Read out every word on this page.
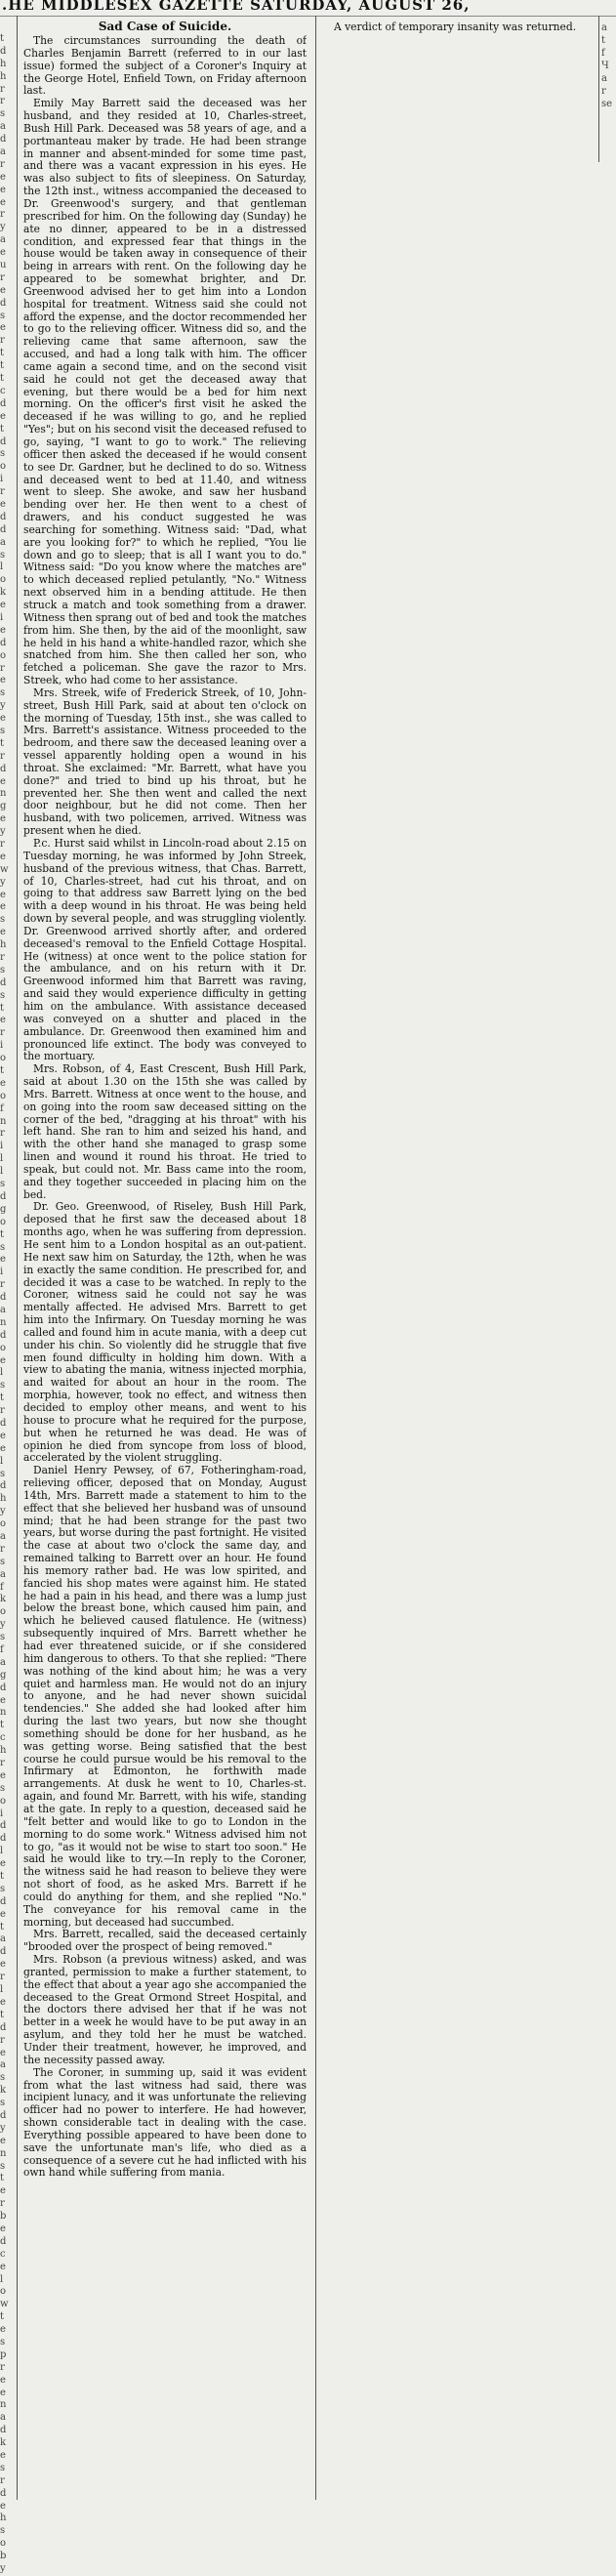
.HE MIDDLESEX GAZETTE SATURDAY, AUGUST 26,
t
d
h
h
r
r
s
a
d
a
r
e
e
e
r
y
a
e
u
r
e
d
s
e
r
t
t
t
c
d
e
t
d
s
o
i
r
e
d
d
a
s
l
o
k
e
i
e
d
o
r
e
s
y
e
s
t
r
d
e
n
g
e
y
r
e
w
y
e
e
s
e
h
r
s
d
s
t
e
r
i
o
t
e
o
f
n
r
i
l
l
s
d
g
o
t
s
e
i
r
d
a
n
d
o
e
l
s
t
r
d
e
e
l
s
d
h
y
o
a
r
s
a
f
k
o
y
s
f
a
g
d
e
n
t
c
h
r
e
s
o
i
d
d
l
e
t
s
d
e
t
a
d
e
r
l
e
t
d
r
e
a
s
k
s
d
y
e
n
s
t
e
r
b
e
d
c
e
l
o
w
t
e
s
p
r
e
e
n
a
d
k
e
s
r
d
e
h
s
o
b
y
a
t
f
Ч
a
r
se
Sad Case of Suicide.

The circumstances surrounding the death of Charles Benjamin Barrett (referred to in our last issue) formed the subject of a Coroner's Inquiry at the George Hotel, Enfield Town, on Friday afternoon last.

Emily May Barrett said the deceased was her husband, and they resided at 10, Charles-street, Bush Hill Park. Deceased was 58 years of age, and a portmanteau maker by trade. He had been strange in manner and absent-minded for some time past, and there was a vacant expression in his eyes. He was also subject to fits of sleepiness. On Saturday, the 12th inst., witness accompanied the deceased to Dr. Greenwood's surgery, and that gentleman prescribed for him. On the following day (Sunday) he ate no dinner, appeared to be in a distressed condition, and expressed fear that things in the house would be taken away in consequence of their being in arrears with rent. On the following day he appeared to be somewhat brighter, and Dr. Greenwood advised her to get him into a London hospital for treatment. Witness said she could not afford the expense, and the doctor recommended her to go to the relieving officer. Witness did so, and the relieving came that same afternoon, saw the accused, and had a long talk with him. The officer came again a second time, and on the second visit said he could not get the deceased away that evening, but there would be a bed for him next morning. On the officer's first visit he asked the deceased if he was willing to go, and he replied "Yes"; but on his second visit the deceased refused to go, saying, "I want to go to work." The relieving officer then asked the deceased if he would consent to see Dr. Gardner, but he declined to do so. Witness and deceased went to bed at 11.40, and witness went to sleep. She awoke, and saw her husband bending over her. He then went to a chest of drawers, and his conduct suggested he was searching for something. Witness said: "Dad, what are you looking for?" to which he replied, "You lie down and go to sleep; that is all I want you to do." Witness said: "Do you know where the matches are" to which deceased replied petulantly, "No." Witness next observed him in a bending attitude. He then struck a match and took something from a drawer. Witness then sprang out of bed and took the matches from him. She then, by the aid of the moonlight, saw he held in his hand a white-handled razor, which she snatched from him. She then called her son, who fetched a policeman. She gave the razor to Mrs. Streek, who had come to her assistance.

Mrs. Streek, wife of Frederick Streek, of 10, John-street, Bush Hill Park, said at about ten o'clock on the morning of Tuesday, 15th inst., she was called to Mrs. Barrett's assistance. Witness proceeded to the bedroom, and there saw the deceased leaning over a vessel apparently holding open a wound in his throat. She exclaimed: "Mr. Barrett, what have you done?" and tried to bind up his throat, but he prevented her. She then went and called the next door neighbour, but he did not come. Then her husband, with two policemen, arrived. Witness was present when he died.

P.c. Hurst said whilst in Lincoln-road about 2.15 on Tuesday morning, he was informed by John Streek, husband of the previous witness, that Chas. Barrett, of 10, Charles-street, had cut his throat, and on going to that address saw Barrett lying on the bed with a deep wound in his throat. He was being held down by several people, and was struggling violently. Dr. Greenwood arrived shortly after, and ordered deceased's removal to the Enfield Cottage Hospital. He (witness) at once went to the police station for the ambulance, and on his return with it Dr. Greenwood informed him that Barrett was raving, and said they would experience difficulty in getting him on the ambulance. With assistance deceased was conveyed on a shutter and placed in the ambulance. Dr. Greenwood then examined him and pronounced life extinct. The body was conveyed to the mortuary.

Mrs. Robson, of 4, East Crescent, Bush Hill Park, said at about 1.30 on the 15th she was called by Mrs. Barrett. Witness at once went to the house, and on going into the room saw deceased sitting on the corner of the bed, "dragging at his throat" with his left hand. She ran to him and seized his hand, and with the other hand she managed to grasp some linen and wound it round his throat. He tried to speak, but could not. Mr. Bass came into the room, and they together succeeded in placing him on the bed.

Dr. Geo. Greenwood, of Riseley, Bush Hill Park, deposed that he first saw the deceased about 18 months ago, when he was suffering from depression. He sent him to a London hospital as an out-patient. He next saw him on Saturday, the 12th, when he was in exactly the same condition. He prescribed for, and decided it was a case to be watched. In reply to the Coroner, witness said he could not say he was mentally affected. He advised Mrs. Barrett to get him into the Infirmary. On Tuesday morning he was called and found him in acute mania, with a deep cut under his chin. So violently did he struggle that five men found difficulty in holding him down. With a view to abating the mania, witness injected morphia, and waited for about an hour in the room. The morphia, however, took no effect, and witness then decided to employ other means, and went to his house to procure what he required for the purpose, but when he returned he was dead. He was of opinion he died from syncope from loss of blood, accelerated by the violent struggling.

Daniel Henry Pewsey, of 67, Fotheringham-road, relieving officer, deposed that on Monday, August 14th, Mrs. Barrett made a statement to him to the effect that she believed her husband was of unsound mind; that he had been strange for the past two years, but worse during the past fortnight. He visited the case at about two o'clock the same day, and remained talking to Barrett over an hour. He found his memory rather bad. He was low spirited, and fancied his shop mates were against him. He stated he had a pain in his head, and there was a lump just below the breast bone, which caused him pain, and which he believed caused flatulence. He (witness) subsequently inquired of Mrs. Barrett whether he had ever threatened suicide, or if she considered him dangerous to others. To that she replied: "There was nothing of the kind about him; he was a very quiet and harmless man. He would not do an injury to anyone, and he had never shown suicidal tendencies." She added she had looked after him during the last two years, but now she thought something should be done for her husband, as he was getting worse. Being satisfied that the best course he could pursue would be his removal to the Infirmary at Edmonton, he forthwith made arrangements. At dusk he went to 10, Charles-st. again, and found Mr. Barrett, with his wife, standing at the gate. In reply to a question, deceased said he "felt better and would like to go to London in the morning to do some work." Witness advised him not to go, "as it would not be wise to start too soon." He said he would like to try.—In reply to the Coroner, the witness said he had reason to believe they were not short of food, as he asked Mrs. Barrett if he could do anything for them, and she replied "No." The conveyance for his removal came in the morning, but deceased had succumbed.

Mrs. Barrett, recalled, said the deceased certainly "brooded over the prospect of being removed."

Mrs. Robson (a previous witness) asked, and was granted, permission to make a further statement, to the effect that about a year ago she accompanied the deceased to the Great Ormond Street Hospital, and the doctors there advised her that if he was not better in a week he would have to be put away in an asylum, and they told her he must be watched. Under their treatment, however, he improved, and the necessity passed away.

The Coroner, in summing up, said it was evident from what the last witness had said, there was incipient lunacy, and it was unfortunate the relieving officer had no power to interfere. He had however, shown considerable tact in dealing with the case. Everything possible appeared to have been done to save the unfortunate man's life, who died as a consequence of a severe cut he had inflicted with his own hand while suffering from mania.

A verdict of temporary insanity was returned.
